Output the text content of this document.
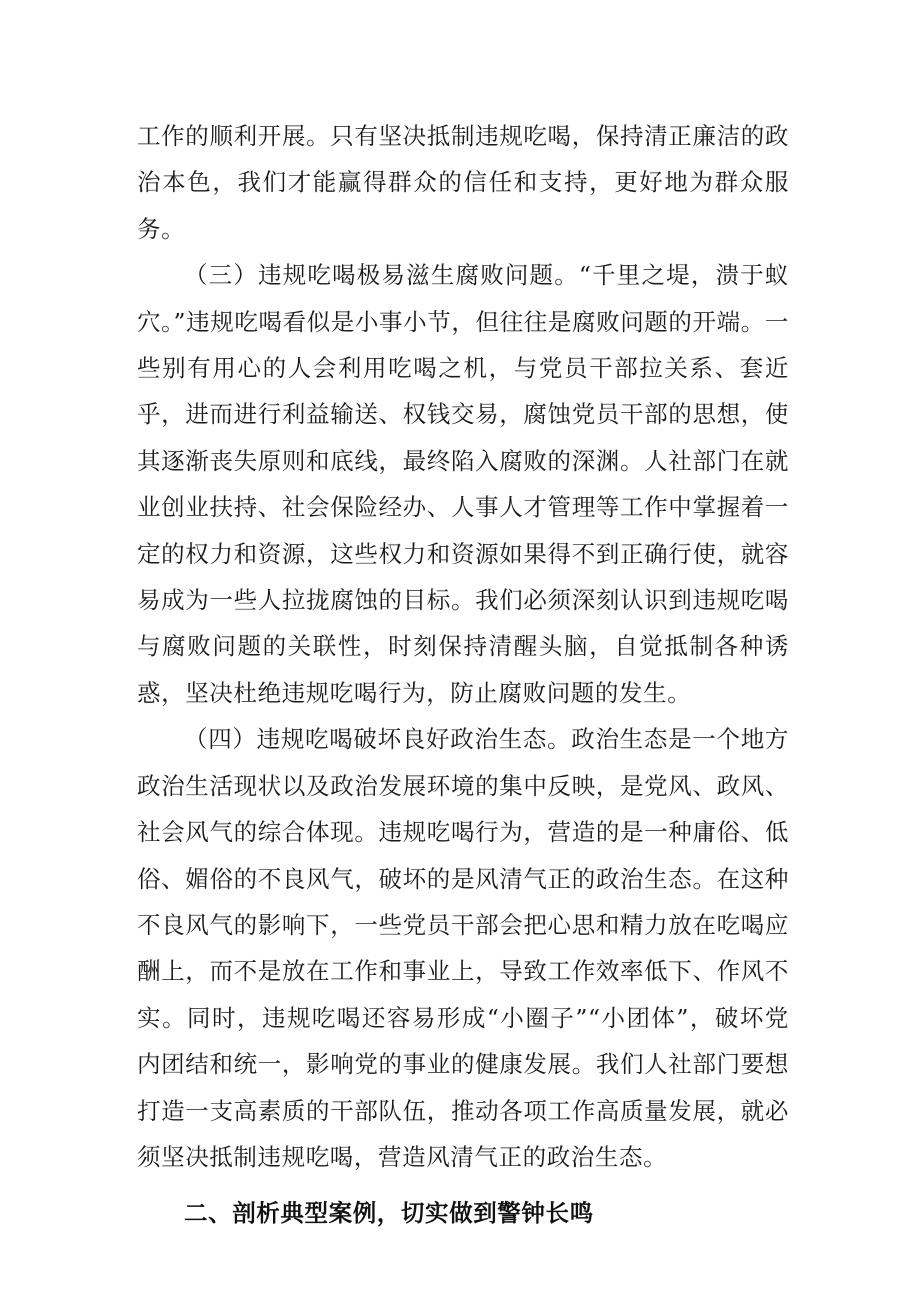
工作的顺利开展。只有坚决抵制违规吃喝，保持清正廉洁的政治本色，我们才能赢得群众的信任和支持，更好地为群众服务。

（三）违规吃喝极易滋生腐败问题。“千里之堤，溃于蚁穴。”违规吃喝看似是小事小节，但往往是腐败问题的开端。一些别有用心的人会利用吃喝之机，与党员干部拉关系、套近乎，进而进行利益输送、权钱交易，腐蚀党员干部的思想，使其逐渐丧失原则和底线，最终陷入腐败的深渊。人社部门在就业创业扶持、社会保险经办、人事人才管理等工作中掌握着一定的权力和资源，这些权力和资源如果得不到正确行使，就容易成为一些人拉拢腐蚀的目标。我们必须深刻认识到违规吃喝与腐败问题的关联性，时刻保持清醒头脑，自觉抵制各种诱惑，坚决杜绝违规吃喝行为，防止腐败问题的发生。

（四）违规吃喝破坏良好政治生态。政治生态是一个地方政治生活现状以及政治发展环境的集中反映，是党风、政风、社会风气的综合体现。违规吃喝行为，营造的是一种庸俗、低俗、媚俗的不良风气，破坏的是风清气正的政治生态。在这种不良风气的影响下，一些党员干部会把心思和精力放在吃喝应酬上，而不是放在工作和事业上，导致工作效率低下、作风不实。同时，违规吃喝还容易形成“小圈子”“小团体”，破坏党内团结和统一，影响党的事业的健康发展。我们人社部门要想打造一支高素质的干部队伍，推动各项工作高质量发展，就必须坚决抵制违规吃喝，营造风清气正的政治生态。

二、剖析典型案例，切实做到警钟长鸣
